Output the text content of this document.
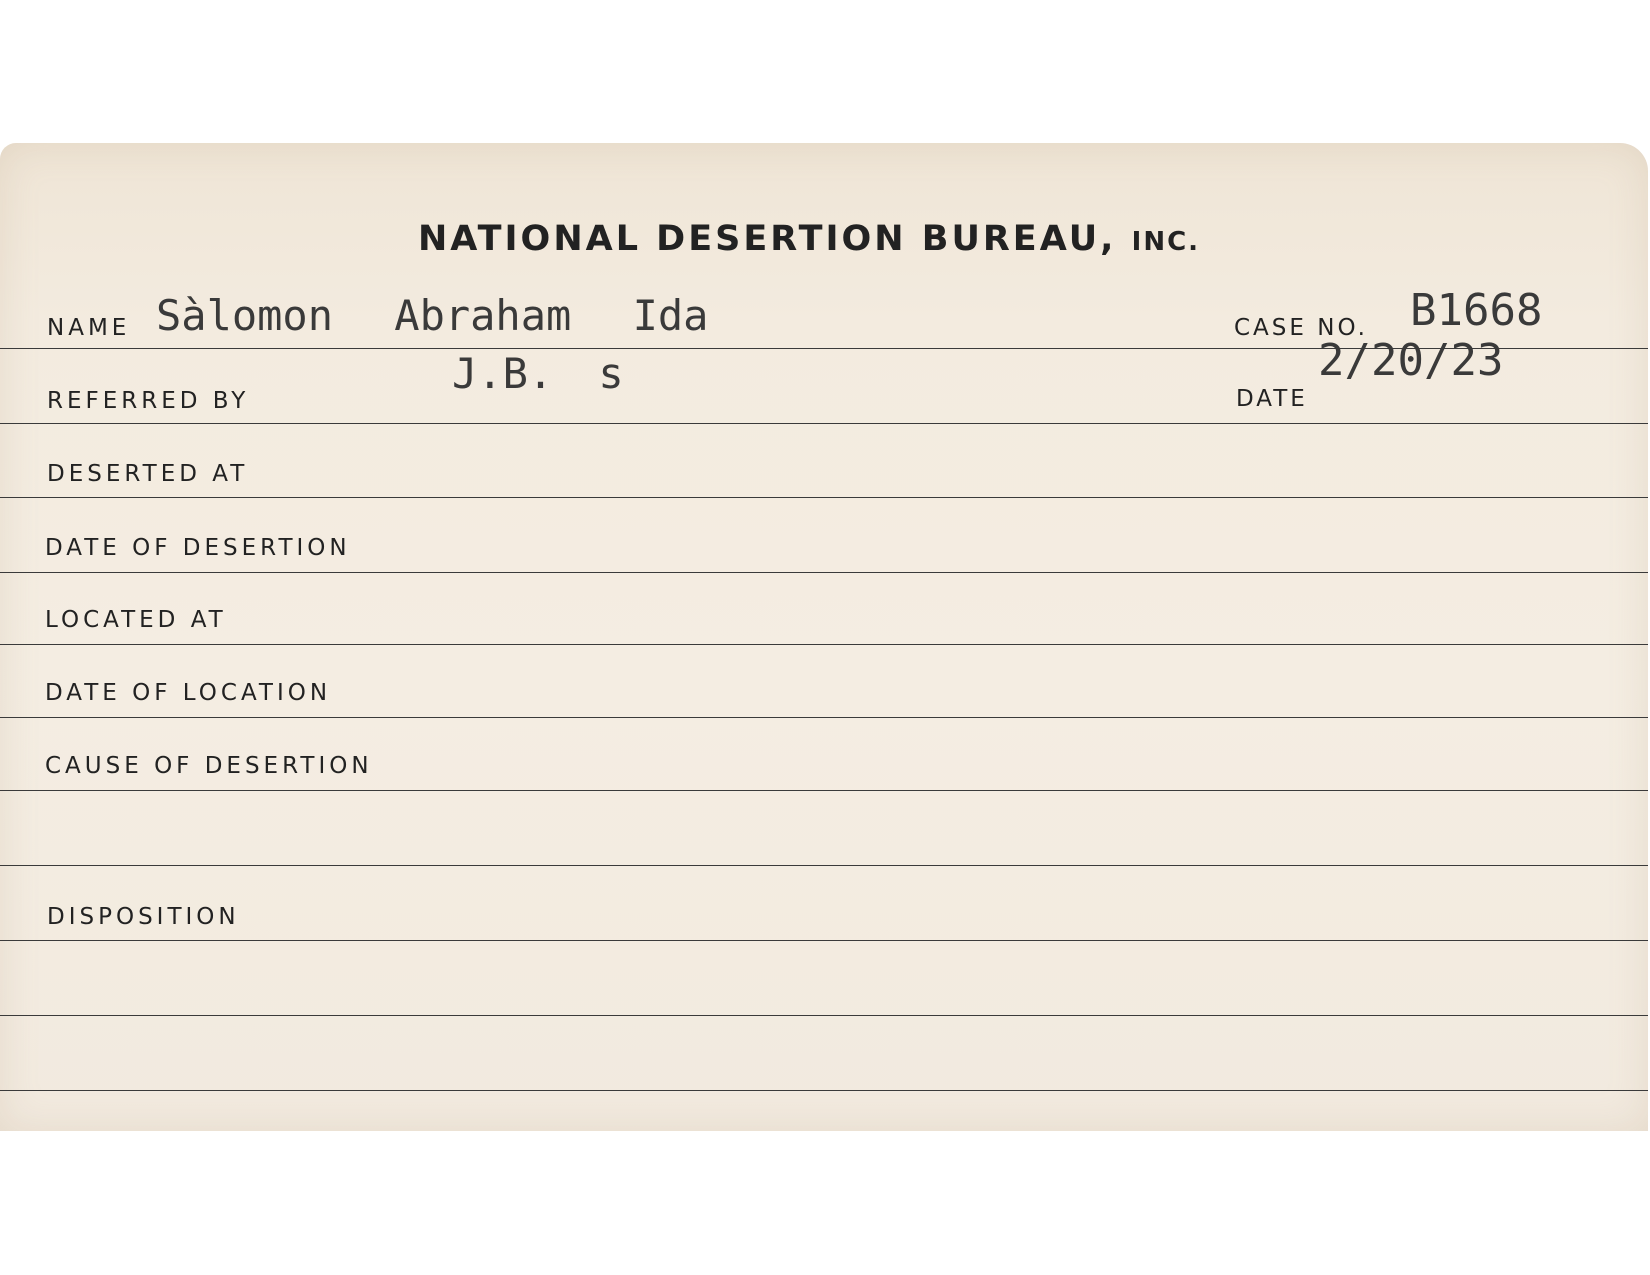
NATIONAL DESERTION BUREAU, INC.
NAME Sàlomon Abraham Ida	CASE NO. B1668
REFERRED BY
J.B. s
DATE
2/20/23
DESERTED AT
DATE OF DESERTION
LOCATED AT
DATE OF LOCATION
CAUSE OF DESERTION
DISPOSITION
